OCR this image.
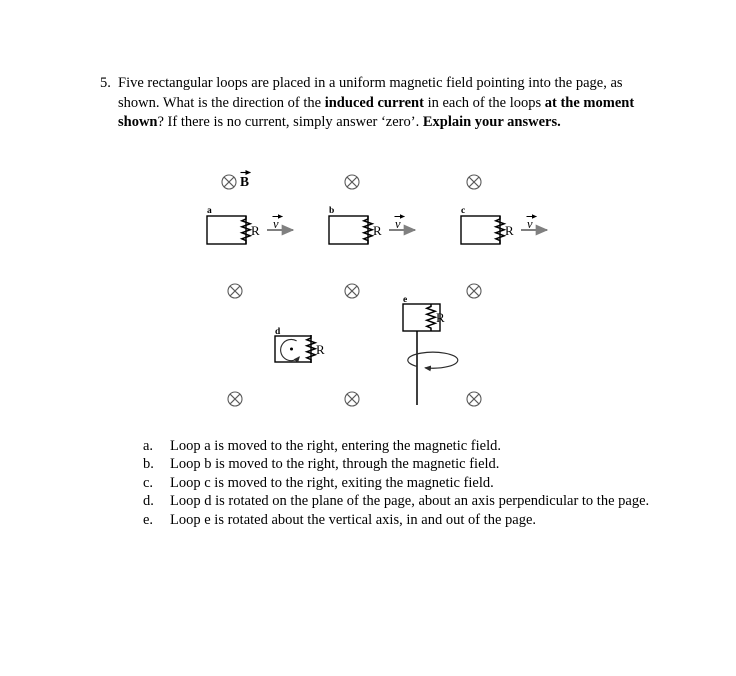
5. Five rectangular loops are placed in a uniform magnetic field pointing into the page, as shown. What is the direction of the induced current in each of the loops at the moment shown? If there is no current, simply answer ‘zero’. Explain your answers.
B
a
R v
b
R v
c
R v
d
R
e
R

a.	Loop a is moved to the right, entering the magnetic field.

b.	Loop b is moved to the right, through the magnetic field.

c.	Loop c is moved to the right, exiting the magnetic field.

d.	Loop d is rotated on the plane of the page, about an axis perpendicular to the page.

e.	Loop e is rotated about the vertical axis, in and out of the page.
